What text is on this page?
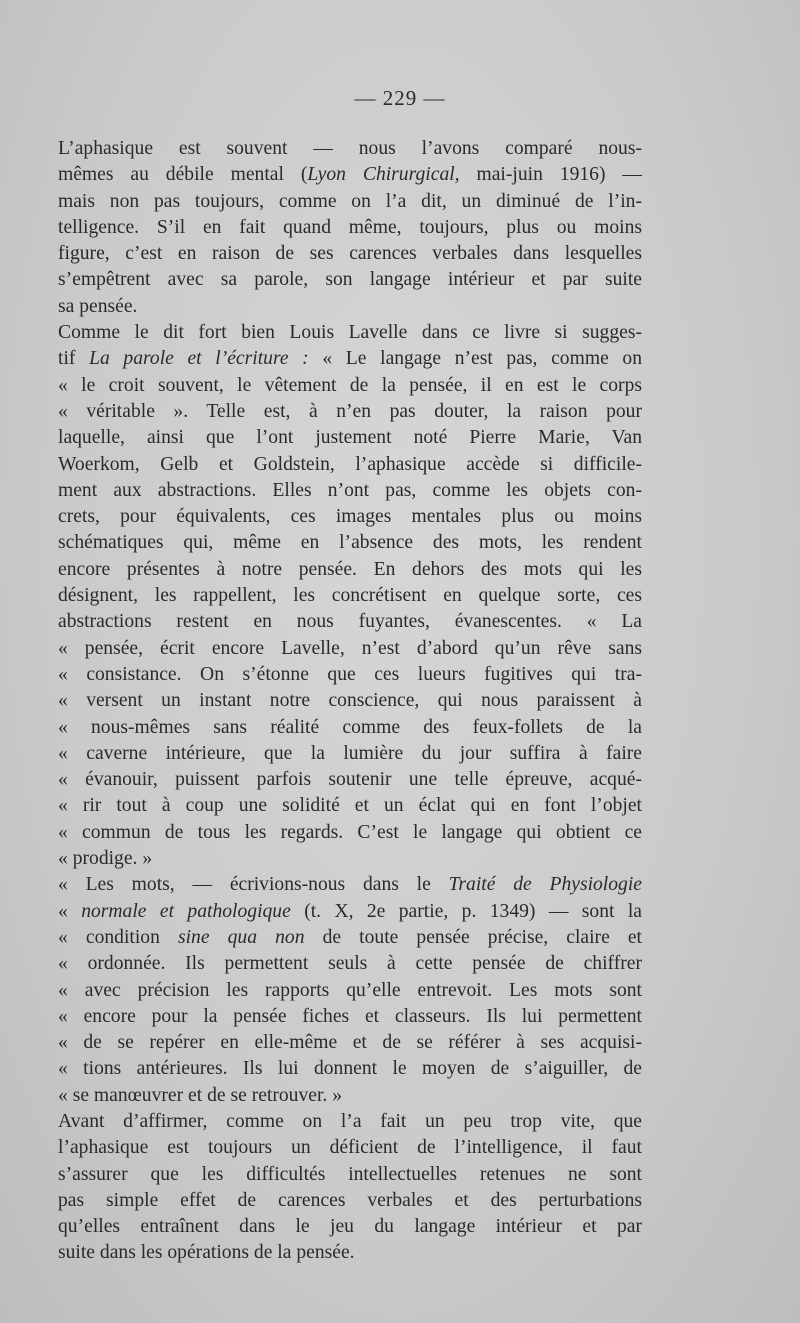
— 229 —
L’aphasique est souvent — nous l’avons comparé nous-
mêmes au débile mental (Lyon Chirurgical, mai-juin 1916) —
mais non pas toujours, comme on l’a dit, un diminué de l’in-
telligence. S’il en fait quand même, toujours, plus ou moins
figure, c’est en raison de ses carences verbales dans lesquelles
s’empêtrent avec sa parole, son langage intérieur et par suite
sa pensée.
Comme le dit fort bien Louis Lavelle dans ce livre si sugges-
tif La parole et l’écriture : « Le langage n’est pas, comme on
« le croit souvent, le vêtement de la pensée, il en est le corps
« véritable ». Telle est, à n’en pas douter, la raison pour
laquelle, ainsi que l’ont justement noté Pierre Marie, Van
Woerkom, Gelb et Goldstein, l’aphasique accède si difficile-
ment aux abstractions. Elles n’ont pas, comme les objets con-
crets, pour équivalents, ces images mentales plus ou moins
schématiques qui, même en l’absence des mots, les rendent
encore présentes à notre pensée. En dehors des mots qui les
désignent, les rappellent, les concrétisent en quelque sorte, ces
abstractions restent en nous fuyantes, évanescentes. « La
« pensée, écrit encore Lavelle, n’est d’abord qu’un rêve sans
« consistance. On s’étonne que ces lueurs fugitives qui tra-
« versent un instant notre conscience, qui nous paraissent à
« nous-mêmes sans réalité comme des feux-follets de la
« caverne intérieure, que la lumière du jour suffira à faire
« évanouir, puissent parfois soutenir une telle épreuve, acqué-
« rir tout à coup une solidité et un éclat qui en font l’objet
« commun de tous les regards. C’est le langage qui obtient ce
« prodige. »
« Les mots, — écrivions-nous dans le Traité de Physiologie
« normale et pathologique (t. X, 2e partie, p. 1349) — sont la
« condition sine qua non de toute pensée précise, claire et
« ordonnée. Ils permettent seuls à cette pensée de chiffrer
« avec précision les rapports qu’elle entrevoit. Les mots sont
« encore pour la pensée fiches et classeurs. Ils lui permettent
« de se repérer en elle-même et de se référer à ses acquisi-
« tions antérieures. Ils lui donnent le moyen de s’aiguiller, de
« se manœuvrer et de se retrouver. »
Avant d’affirmer, comme on l’a fait un peu trop vite, que
l’aphasique est toujours un déficient de l’intelligence, il faut
s’assurer que les difficultés intellectuelles retenues ne sont
pas simple effet de carences verbales et des perturbations
qu’elles entraînent dans le jeu du langage intérieur et par
suite dans les opérations de la pensée.
